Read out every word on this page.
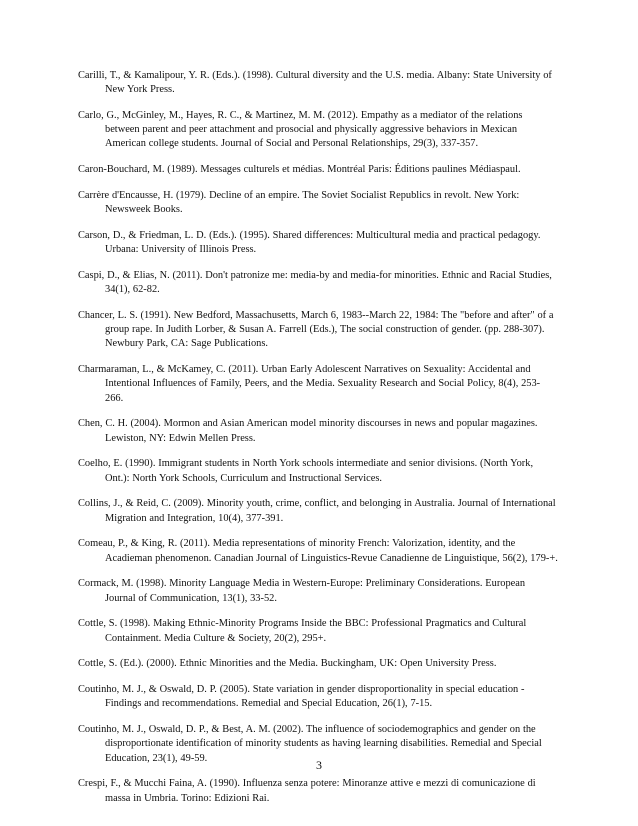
Carilli, T., & Kamalipour, Y. R. (Eds.). (1998). Cultural diversity and the U.S. media. Albany: State University of New York Press.

Carlo, G., McGinley, M., Hayes, R. C., & Martinez, M. M. (2012). Empathy as a mediator of the relations between parent and peer attachment and prosocial and physically aggressive behaviors in Mexican American college students. Journal of Social and Personal Relationships, 29(3), 337-357.

Caron-Bouchard, M. (1989). Messages culturels et médias. Montréal Paris: Éditions paulines Médiaspaul.

Carrère d'Encausse, H. (1979). Decline of an empire. The Soviet Socialist Republics in revolt. New York: Newsweek Books.

Carson, D., & Friedman, L. D. (Eds.). (1995). Shared differences: Multicultural media and practical pedagogy. Urbana: University of Illinois Press.

Caspi, D., & Elias, N. (2011). Don't patronize me: media-by and media-for minorities. Ethnic and Racial Studies, 34(1), 62-82.

Chancer, L. S. (1991). New Bedford, Massachusetts, March 6, 1983--March 22, 1984: The "before and after" of a group rape. In Judith Lorber, & Susan A. Farrell (Eds.), The social construction of gender. (pp. 288-307). Newbury Park, CA: Sage Publications.

Charmaraman, L., & McKamey, C. (2011). Urban Early Adolescent Narratives on Sexuality: Accidental and Intentional Influences of Family, Peers, and the Media. Sexuality Research and Social Policy, 8(4), 253-266.

Chen, C. H. (2004). Mormon and Asian American model minority discourses in news and popular magazines. Lewiston, NY: Edwin Mellen Press.

Coelho, E. (1990). Immigrant students in North York schools intermediate and senior divisions. (North York, Ont.): North York Schools, Curriculum and Instructional Services.

Collins, J., & Reid, C. (2009). Minority youth, crime, conflict, and belonging in Australia. Journal of International Migration and Integration, 10(4), 377-391.

Comeau, P., & King, R. (2011). Media representations of minority French: Valorization, identity, and the Acadieman phenomenon. Canadian Journal of Linguistics-Revue Canadienne de Linguistique, 56(2), 179-+.

Cormack, M. (1998). Minority Language Media in Western-Europe: Preliminary Considerations. European Journal of Communication, 13(1), 33-52.

Cottle, S. (1998). Making Ethnic-Minority Programs Inside the BBC: Professional Pragmatics and Cultural Containment. Media Culture & Society, 20(2), 295+.

Cottle, S. (Ed.). (2000). Ethnic Minorities and the Media. Buckingham, UK: Open University Press.

Coutinho, M. J., & Oswald, D. P. (2005). State variation in gender disproportionality in special education - Findings and recommendations. Remedial and Special Education, 26(1), 7-15.

Coutinho, M. J., Oswald, D. P., & Best, A. M. (2002). The influence of sociodemographics and gender on the disproportionate identification of minority students as having learning disabilities. Remedial and Special Education, 23(1), 49-59.

Crespi, F., & Mucchi Faina, A. (1990). Influenza senza potere: Minoranze attive e mezzi di comunicazione di massa in Umbria. Torino: Edizioni Rai.

3
